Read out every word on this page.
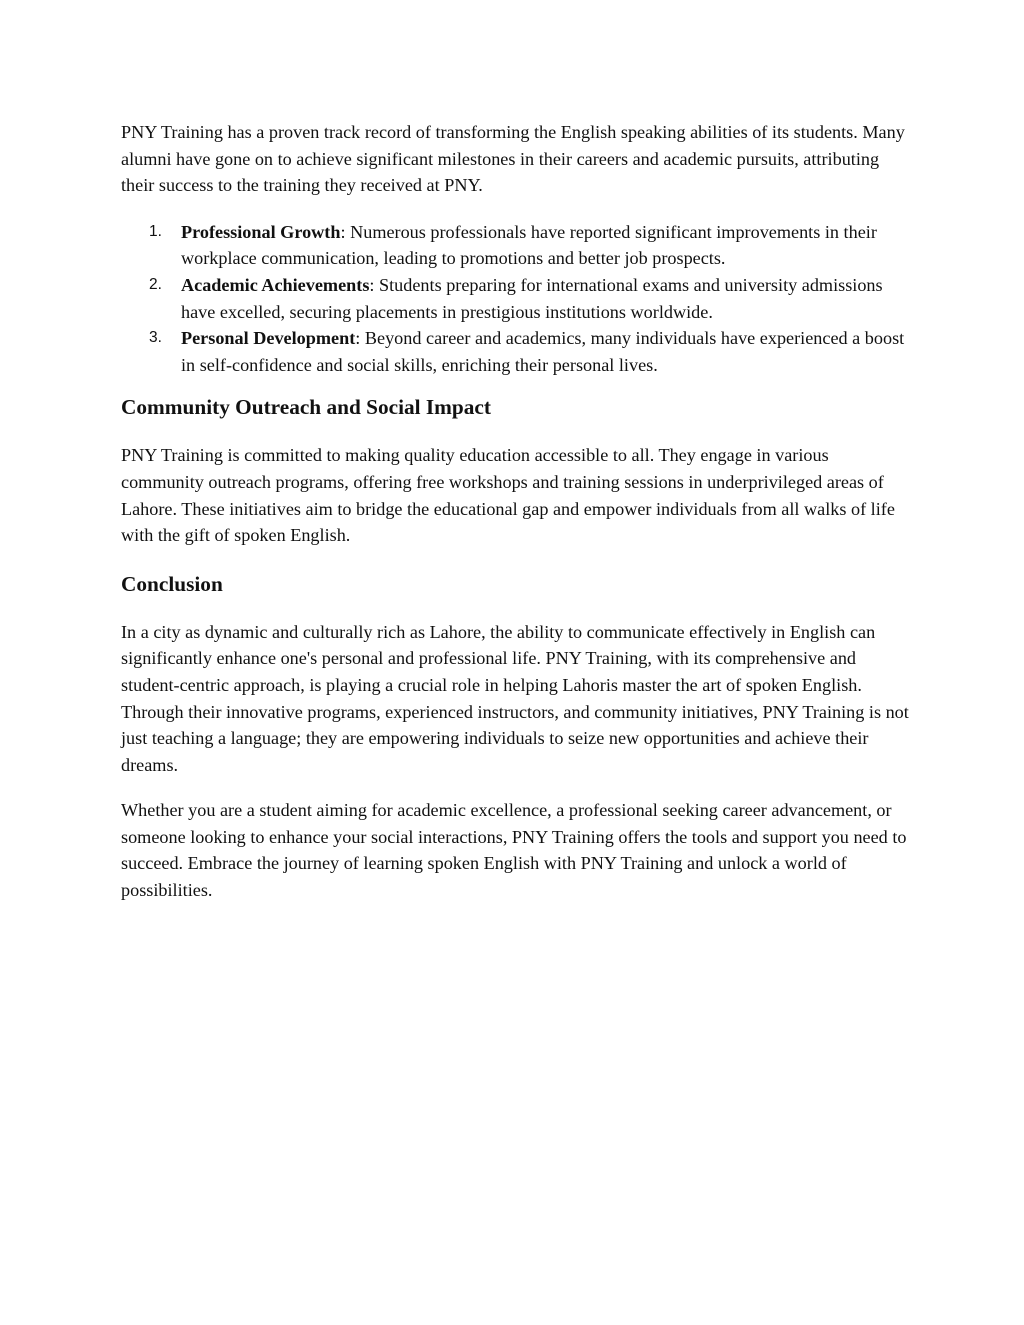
PNY Training has a proven track record of transforming the English speaking abilities of its students. Many alumni have gone on to achieve significant milestones in their careers and academic pursuits, attributing their success to the training they received at PNY.

1. Professional Growth: Numerous professionals have reported significant improvements in their workplace communication, leading to promotions and better job prospects.
2. Academic Achievements: Students preparing for international exams and university admissions have excelled, securing placements in prestigious institutions worldwide.
3. Personal Development: Beyond career and academics, many individuals have experienced a boost in self-confidence and social skills, enriching their personal lives.
Community Outreach and Social Impact

PNY Training is committed to making quality education accessible to all. They engage in various community outreach programs, offering free workshops and training sessions in underprivileged areas of Lahore. These initiatives aim to bridge the educational gap and empower individuals from all walks of life with the gift of spoken English.

Conclusion

In a city as dynamic and culturally rich as Lahore, the ability to communicate effectively in English can significantly enhance one's personal and professional life. PNY Training, with its comprehensive and student-centric approach, is playing a crucial role in helping Lahoris master the art of spoken English. Through their innovative programs, experienced instructors, and community initiatives, PNY Training is not just teaching a language; they are empowering individuals to seize new opportunities and achieve their dreams.

Whether you are a student aiming for academic excellence, a professional seeking career advancement, or someone looking to enhance your social interactions, PNY Training offers the tools and support you need to succeed. Embrace the journey of learning spoken English with PNY Training and unlock a world of possibilities.
